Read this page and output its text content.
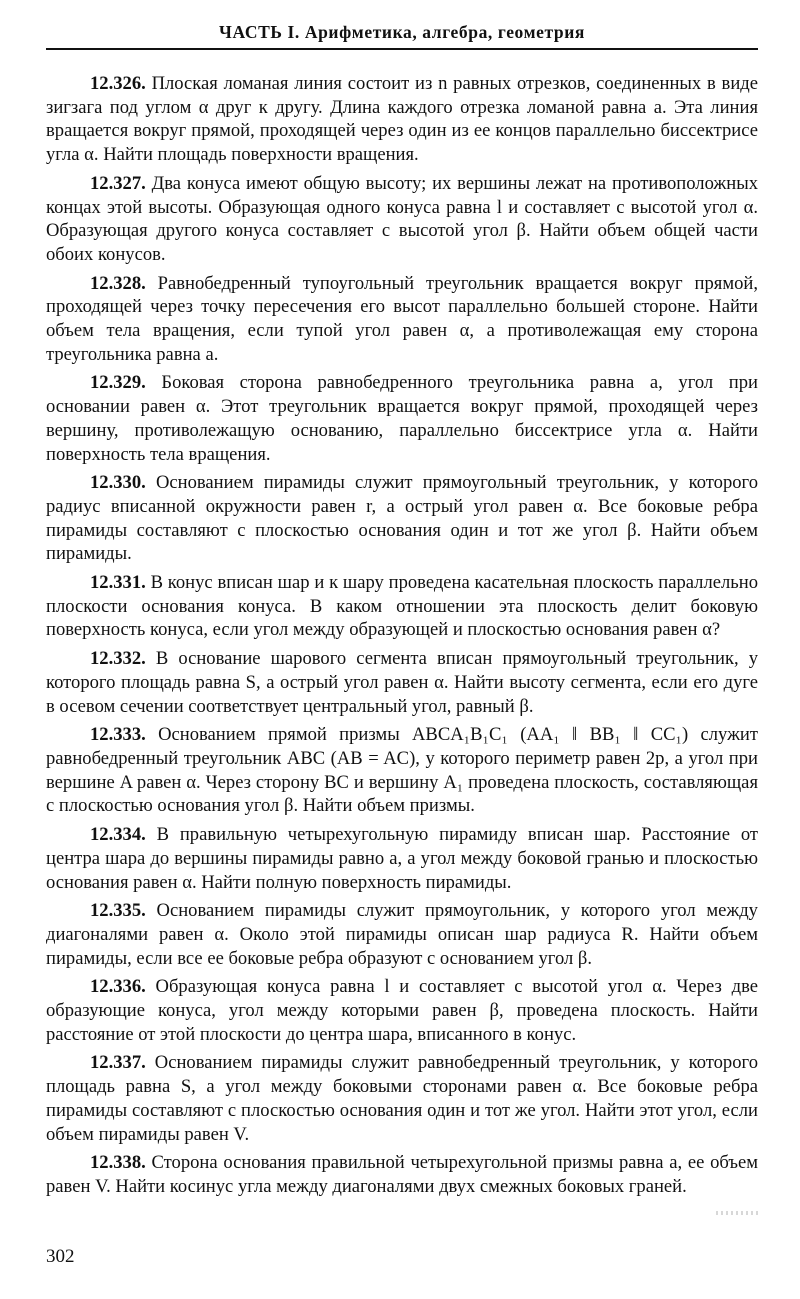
ЧАСТЬ I. Арифметика, алгебра, геометрия

12.326. Плоская ломаная линия состоит из n равных отрезков, соединенных в виде зигзага под углом α друг к другу. Длина каждого отрезка ломаной равна a. Эта линия вращается вокруг прямой, проходящей через один из ее концов параллельно биссектрисе угла α. Найти площадь поверхности вращения.

12.327. Два конуса имеют общую высоту; их вершины лежат на противоположных концах этой высоты. Образующая одного конуса равна l и составляет с высотой угол α. Образующая другого конуса составляет с высотой угол β. Найти объем общей части обоих конусов.

12.328. Равнобедренный тупоугольный треугольник вращается вокруг прямой, проходящей через точку пересечения его высот параллельно большей стороне. Найти объем тела вращения, если тупой угол равен α, а противолежащая ему сторона треугольника равна a.

12.329. Боковая сторона равнобедренного треугольника равна a, угол при основании равен α. Этот треугольник вращается вокруг прямой, проходящей через вершину, противолежащую основанию, параллельно биссектрисе угла α. Найти поверхность тела вращения.

12.330. Основанием пирамиды служит прямоугольный треугольник, у которого радиус вписанной окружности равен r, а острый угол равен α. Все боковые ребра пирамиды составляют с плоскостью основания один и тот же угол β. Найти объем пирамиды.

12.331. В конус вписан шар и к шару проведена касательная плоскость параллельно плоскости основания конуса. В каком отношении эта плоскость делит боковую поверхность конуса, если угол между образующей и плоскостью основания равен α?

12.332. В основание шарового сегмента вписан прямоугольный треугольник, у которого площадь равна S, а острый угол равен α. Найти высоту сегмента, если его дуге в осевом сечении соответствует центральный угол, равный β.

12.333. Основанием прямой призмы ABCA₁B₁C₁ (AA₁ ‖ BB₁ ‖ CC₁) служит равнобедренный треугольник ABC (AB = AC), у которого периметр равен 2p, а угол при вершине A равен α. Через сторону BC и вершину A₁ проведена плоскость, составляющая с плоскостью основания угол β. Найти объем призмы.

12.334. В правильную четырехугольную пирамиду вписан шар. Расстояние от центра шара до вершины пирамиды равно a, а угол между боковой гранью и плоскостью основания равен α. Найти полную поверхность пирамиды.

12.335. Основанием пирамиды служит прямоугольник, у которого угол между диагоналями равен α. Около этой пирамиды описан шар радиуса R. Найти объем пирамиды, если все ее боковые ребра образуют с основанием угол β.

12.336. Образующая конуса равна l и составляет с высотой угол α. Через две образующие конуса, угол между которыми равен β, проведена плоскость. Найти расстояние от этой плоскости до центра шара, вписанного в конус.

12.337. Основанием пирамиды служит равнобедренный треугольник, у которого площадь равна S, а угол между боковыми сторонами равен α. Все боковые ребра пирамиды составляют с плоскостью основания один и тот же угол. Найти этот угол, если объем пирамиды равен V.

12.338. Сторона основания правильной четырехугольной призмы равна a, ее объем равен V. Найти косинус угла между диагоналями двух смежных боковых граней.

302
